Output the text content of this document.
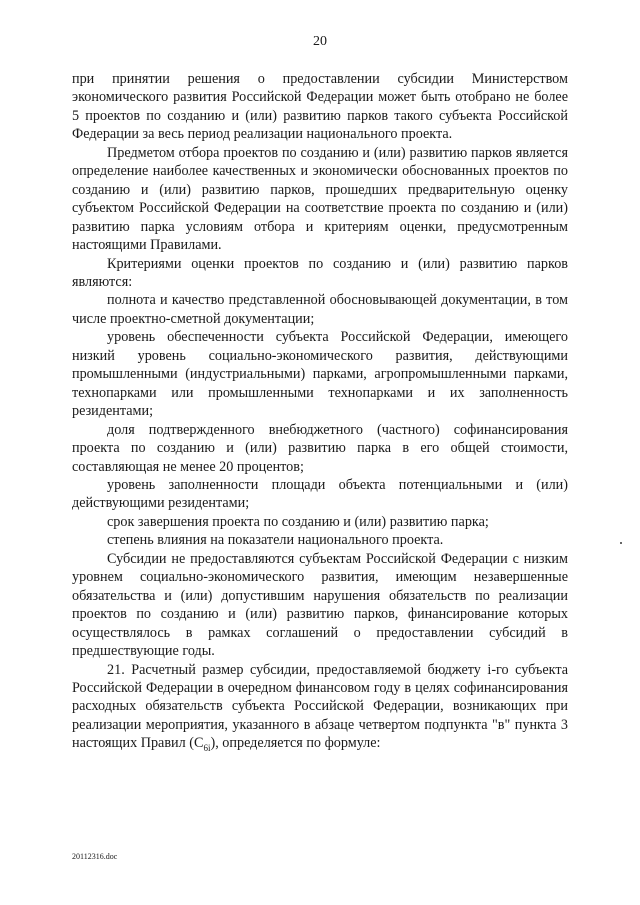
20

при принятии решения о предоставлении субсидии Министерством экономического развития Российской Федерации может быть отобрано не более 5 проектов по созданию и (или) развитию парков такого субъекта Российской Федерации за весь период реализации национального проекта.

Предметом отбора проектов по созданию и (или) развитию парков является определение наиболее качественных и экономически обоснованных проектов по созданию и (или) развитию парков, прошедших предварительную оценку субъектом Российской Федерации на соответствие проекта по созданию и (или) развитию парка условиям отбора и критериям оценки, предусмотренным настоящими Правилами.

Критериями оценки проектов по созданию и (или) развитию парков являются:

полнота и качество представленной обосновывающей документации, в том числе проектно-сметной документации;

уровень обеспеченности субъекта Российской Федерации, имеющего низкий уровень социально-экономического развития, действующими промышленными (индустриальными) парками, агропромышленными парками, технопарками или промышленными технопарками и их заполненность резидентами;

доля подтвержденного внебюджетного (частного) софинансирования проекта по созданию и (или) развитию парка в его общей стоимости, составляющая не менее 20 процентов;

уровень заполненности площади объекта потенциальными и (или) действующими резидентами;

срок завершения проекта по созданию и (или) развитию парка;

степень влияния на показатели национального проекта.

Субсидии не предоставляются субъектам Российской Федерации с низким уровнем социально-экономического развития, имеющим незавершенные обязательства и (или) допустившим нарушения обязательств по реализации проектов по созданию и (или) развитию парков, финансирование которых осуществлялось в рамках соглашений о предоставлении субсидий в предшествующие годы.

21. Расчетный размер субсидии, предоставляемой бюджету i-го субъекта Российской Федерации в очередном финансовом году в целях софинансирования расходных обязательств субъекта Российской Федерации, возникающих при реализации мероприятия, указанного в абзаце четвертом подпункта "в" пункта 3 настоящих Правил $(С_{6i})$, определяется по формуле:

20112316.doc
